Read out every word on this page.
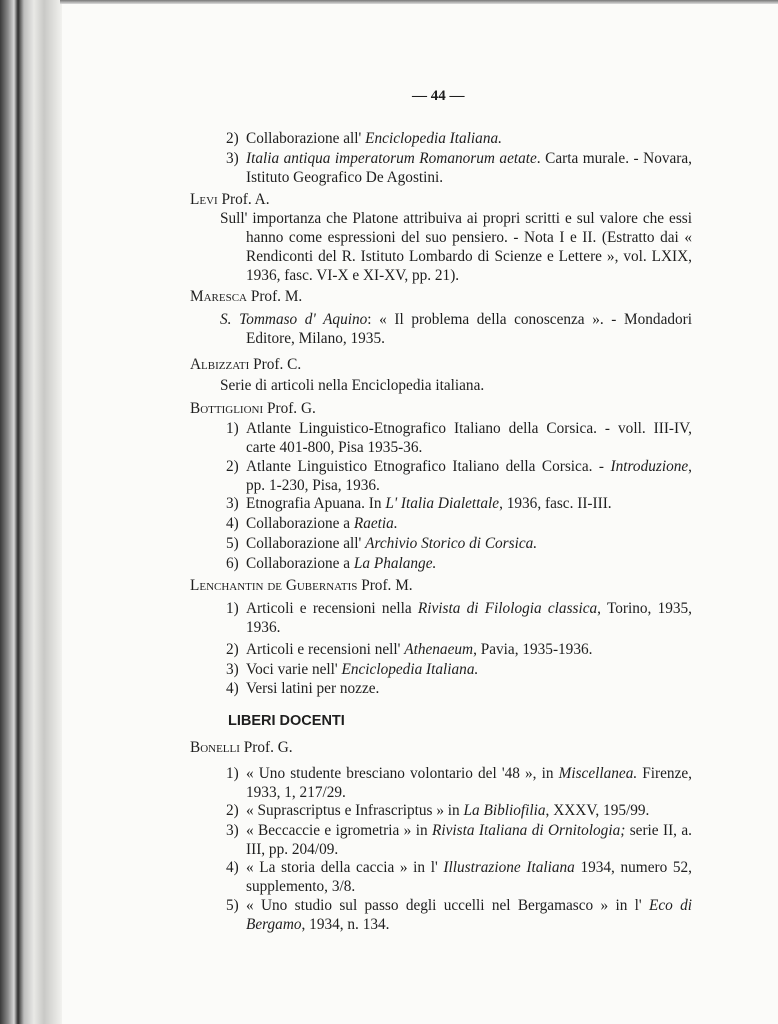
— 44 —
2) Collaborazione all' Enciclopedia Italiana.
3) Italia antiqua imperatorum Romanorum aetate. Carta murale. - Novara, Istituto Geografico De Agostini.
Levi Prof. A.
Sull' importanza che Platone attribuiva ai propri scritti e sul valore che essi hanno come espressioni del suo pensiero. - Nota I e II. (Estratto dai « Rendiconti del R. Istituto Lombardo di Scienze e Lettere », vol. LXIX, 1936, fasc. VI-X e XI-XV, pp. 21).
Maresca Prof. M.
S. Tommaso d' Aquino: « Il problema della conoscenza ». - Mondadori Editore, Milano, 1935.
Albizzati Prof. C.
Serie di articoli nella Enciclopedia italiana.
Bottiglioni Prof. G.
1) Atlante Linguistico-Etnografico Italiano della Corsica. - voll. III-IV, carte 401-800, Pisa 1935-36.
2) Atlante Linguistico Etnografico Italiano della Corsica. - Introduzione, pp. 1-230, Pisa, 1936.
3) Etnografia Apuana. In L' Italia Dialettale, 1936, fasc. II-III.
4) Collaborazione a Raetia.
5) Collaborazione all' Archivio Storico di Corsica.
6) Collaborazione a La Phalange.
Lenchantin de Gubernatis Prof. M.
1) Articoli e recensioni nella Rivista di Filologia classica, Torino, 1935, 1936.
2) Articoli e recensioni nell' Athenaeum, Pavia, 1935-1936.
3) Voci varie nell' Enciclopedia Italiana.
4) Versi latini per nozze.
LIBERI DOCENTI
Bonelli Prof. G.
1) « Uno studente bresciano volontario del '48 », in Miscellanea. Firenze, 1933, 1, 217/29.
2) « Suprascriptus e Infrascriptus » in La Bibliofilia, XXXV, 195/99.
3) « Beccaccie e igrometria » in Rivista Italiana di Ornitologia; serie II, a. III, pp. 204/09.
4) « La storia della caccia » in l' Illustrazione Italiana 1934, numero 52, supplemento, 3/8.
5) « Uno studio sul passo degli uccelli nel Bergamasco » in l' Eco di Bergamo, 1934, n. 134.
